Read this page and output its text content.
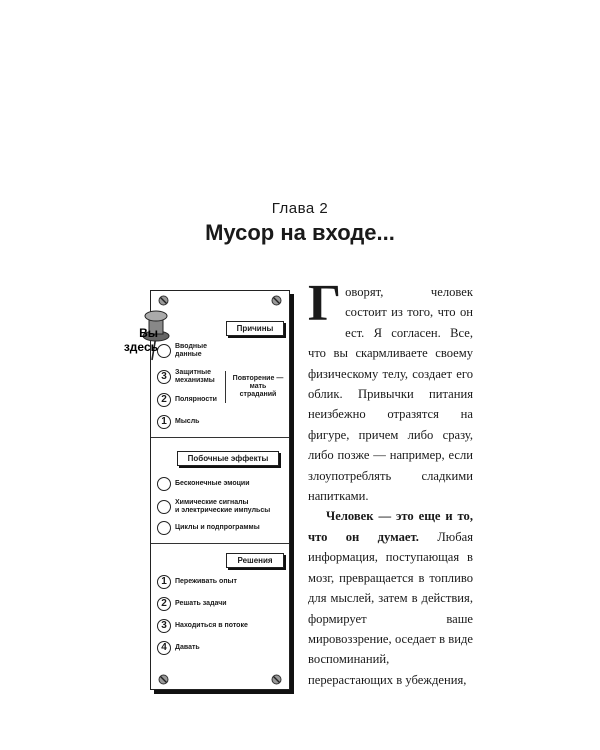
Глава 2
Мусор на входе...
Причины
Вводные
данные
3	Защитные
механизмы
2	Полярности
1	Мысль
Повторение —
мать
страданий
Побочные эффекты
Бесконечные эмоции
Химические сигналы
и электрические импульсы
Циклы и подпрограммы
Решения
1	Переживать опыт
2	Решать задачи
3	Находиться в потоке
4	Давать
Вы
здесь

Говорят, человек состоит из того, что он ест. Я согласен. Все, что вы скармливаете своему физическому телу, создает его облик. Привычки питания неизбежно отразятся на фигуре, причем либо сразу, либо позже — например, если злоупотреблять сладкими напитками.

Человек — это еще и то, что он думает. Любая информация, поступающая в мозг, превращается в топливо для мыслей, затем в действия, формирует ваше мировоззрение, оседает в виде воспоминаний, перерастающих в убеждения,
